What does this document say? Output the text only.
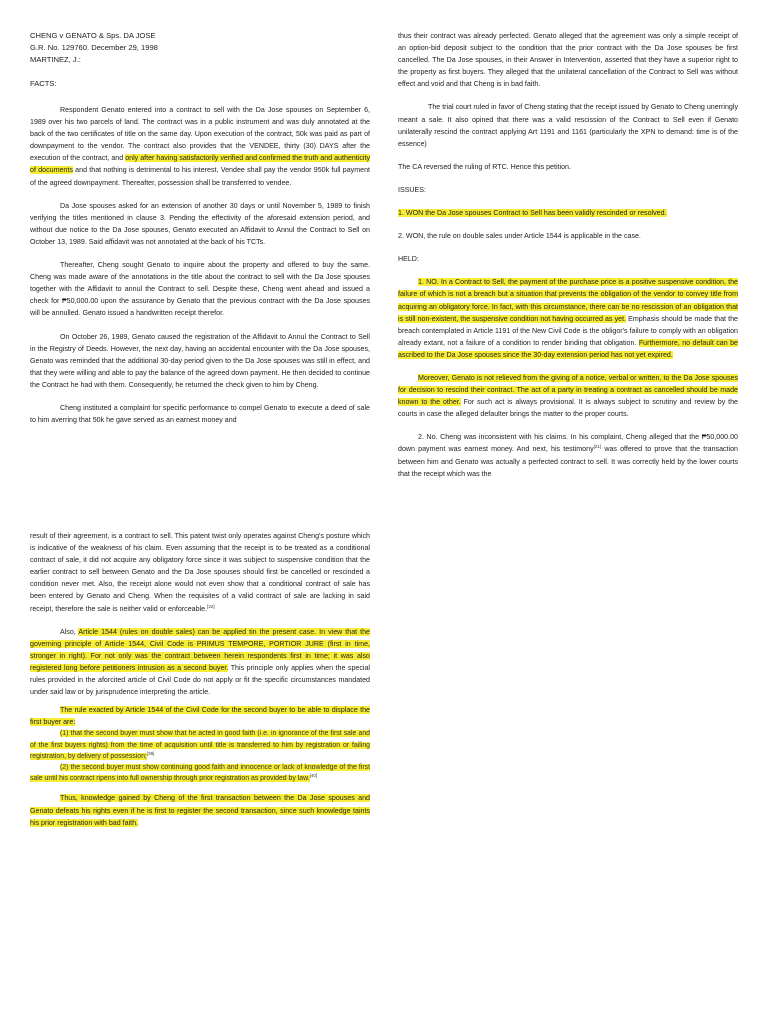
CHENG v GENATO & Sps. DA JOSE
G.R. No. 129760. December 29, 1998
MARTINEZ, J.:
FACTS:

Respondent Genato entered into a contract to sell with the Da Jose spouses on September 6, 1989 over his two parcels of land. The contract was in a public instrument and was duly annotated at the back of the two certificates of title on the same day. Upon execution of the contract, 50k was paid as part of downpayment to the vendor. The contract also provides that the VENDEE, thirty (30) DAYS after the execution of the contract, and only after having satisfactorily verified and confirmed the truth and authenticity of documents and that nothing is detrimental to his interest, Vendee shall pay the vendor 950k full payment of the agreed downpayment. Thereafter, possession shall be transferred to vendee.

Da Jose spouses asked for an extension of another 30 days or until November 5, 1989 to finish verifying the titles mentioned in clause 3. Pending the effectivity of the aforesaid extension period, and without due notice to the Da Jose spouses, Genato executed an Affidavit to Annul the Contract to Sell on October 13, 1989. Said affidavit was not annotated at the back of his TCTs.

Thereafter, Cheng sought Genato to inquire about the property and offered to buy the same. Cheng was made aware of the annotations in the title about the contract to sell with the Da Jose spouses together with the Affidavit to annul the Contract to sell. Despite these, Cheng went ahead and issued a check for ₱50,000.00 upon the assurance by Genato that the previous contract with the Da Jose spouses will be annulled. Genato issued a handwritten receipt therefor.

On October 26, 1989, Genato caused the registration of the Affidavit to Annul the Contract to Sell in the Registry of Deeds. However, the next day, having an accidental encounter with the Da Jose spouses, Genato was reminded that the additional 30-day period given to the Da Jose spouses was still in effect, and that they were willing and able to pay the balance of the agreed down payment. He then decided to continue the Contract he had with them. Consequently, he returned the check given to him by Cheng.

Cheng instituted a complaint for specific performance to compel Genato to execute a deed of sale to him averring that 50k he gave served as an earnest money and

thus their contract was already perfected. Genato alleged that the agreement was only a simple receipt of an option-bid deposit subject to the condition that the prior contract with the Da Jose spouses be first cancelled. The Da Jose spouses, in their Answer in Intervention, asserted that they have a superior right to the property as first buyers. They alleged that the unilateral cancellation of the Contract to Sell was without effect and void and that Cheng is in bad faith.

The trial court ruled in favor of Cheng stating that the receipt issued by Genato to Cheng unerringly meant a sale. It also opined that there was a valid rescission of the Contract to Sell even if Genato unilaterally rescind the contract applying Art 1191 and 1161 (particularly the XPN to demand: time is of the essence)

The CA reversed the ruling of RTC. Hence this petition.

ISSUES:

1. WON the Da Jose spouses Contract to Sell has been validly rescinded or resolved.

2. WON, the rule on double sales under Article 1544 is applicable in the case.

HELD:

1. NO. In a Contract to Sell, the payment of the purchase price is a positive suspensive condition, the failure of which is not a breach but a situation that prevents the obligation of the vendor to convey title from acquiring an obligatory force. In fact, with this circumstance, there can be no rescission of an obligation that is still non-existent, the suspensive condition not having occurred as yet. Emphasis should be made that the breach contemplated in Article 1191 of the New Civil Code is the obligor's failure to comply with an obligation already extant, not a failure of a condition to render binding that obligation. Furthermore, no default can be ascribed to the Da Jose spouses since the 30-day extension period has not yet expired.

Moreover, Genato is not relieved from the giving of a notice, verbal or written, to the Da Jose spouses for decision to rescind their contract. The act of a party in treating a contract as cancelled should be made known to the other. For such act is always provisional. It is always subject to scrutiny and review by the courts in case the alleged defaulter brings the matter to the proper courts.

2. No. Cheng was inconsistent with his claims. In his complaint, Cheng alleged that the ₱50,000.00 down payment was earnest money. And next, his testimony[21] was offered to prove that the transaction between him and Genato was actually a perfected contract to sell. It was correctly held by the lower courts that the receipt which was the

result of their agreement, is a contract to sell. This patent twist only operates against Cheng's posture which is indicative of the weakness of his claim. Even assuming that the receipt is to be treated as a conditional contract of sale, it did not acquire any obligatory force since it was subject to suspensive condition that the earlier contract to sell between Genato and the Da Jose spouses should first be cancelled or rescinded a condition never met. Also, the receipt alone would not even show that a conditional contract of sale has been entered by Genato and Cheng. When the requisites of a valid contract of sale are lacking in said receipt, therefore the sale is neither valid or enforceable.[22]

Also, Article 1544 (rules on double sales) can be applied tin the present case. In view that the governing principle of Article 1544, Civil Code is PRIMUS TEMPORE, PORTIOR JURE (first in time, stronger in right). For not only was the contract between herein respondents first in time; it was also registered long before petitioners intrusion as a second buyer. This principle only applies when the special rules provided in the aforcited article of Civil Code do not apply or fit the specific circumstances mandated under said law or by jurisprudence interpreting the article.

The rule exacted by Article 1544 of the Civil Code for the second buyer to be able to displace the first buyer are:

(1) that the second buyer must show that he acted in good faith (i.e. in ignorance of the first sale and of the first buyers rights) from the time of acquisition until title is transferred to him by registration or failing registration, by delivery of possession;[39]

(2) the second buyer must show continuing good faith and innocence or lack of knowledge of the first sale until his contract ripens into full ownership through prior registration as provided by law.[40]

Thus, knowledge gained by Cheng of the first transaction between the Da Jose spouses and Genato defeats his rights even if he is first to register the second transaction, since such knowledge taints his prior registration with bad faith.
